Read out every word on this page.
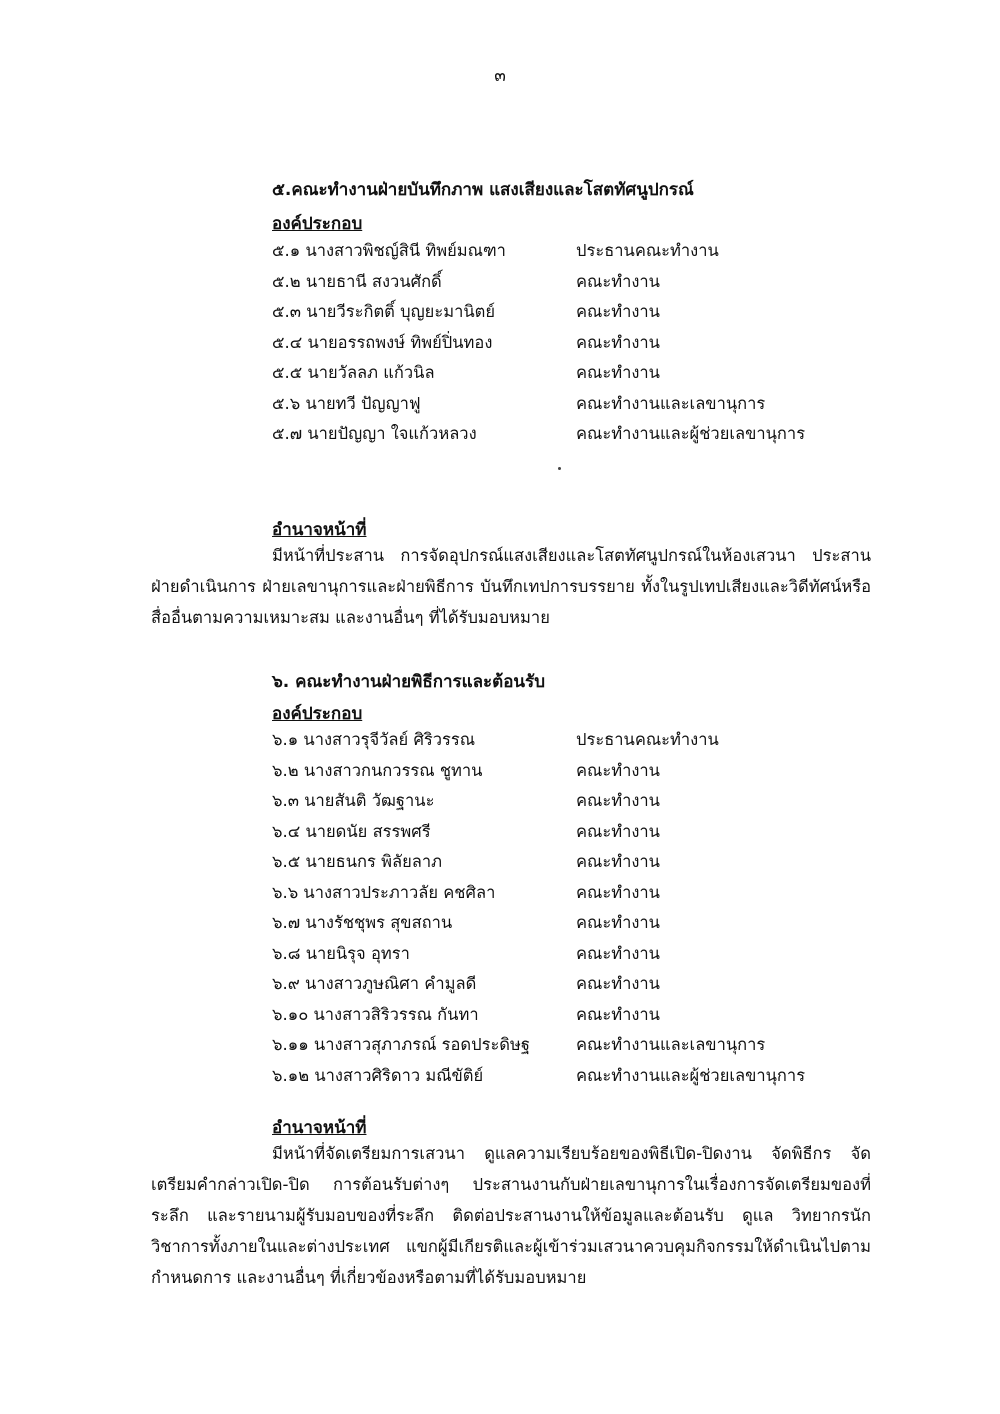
๓
๕.คณะทำงานฝ่ายบันทึกภาพ แสงเสียงและโสตทัศนูปกรณ์
องค์ประกอบ
๕.๑ นางสาวพิชญ์สินี ทิพย์มณฑา	ประธานคณะทำงาน
๕.๒ นายธานี สงวนศักดิ์	คณะทำงาน
๕.๓ นายวีระกิตติ์ บุญยะมานิตย์	คณะทำงาน
๕.๔ นายอรรถพงษ์ ทิพย์ปิ่นทอง	คณะทำงาน
๕.๕ นายวัลลภ แก้วนิล	คณะทำงาน
๕.๖ นายทวี ปัญญาฟู	คณะทำงานและเลขานุการ
๕.๗ นายปัญญา ใจแก้วหลวง	คณะทำงานและผู้ช่วยเลขานุการ
อำนาจหน้าที่
มีหน้าที่ประสาน การจัดอุปกรณ์แสงเสียงและโสตทัศนูปกรณ์ในห้องเสวนา ประสานฝ่ายดำเนินการ ฝ่ายเลขานุการและฝ่ายพิธีการ บันทึกเทปการบรรยาย ทั้งในรูปเทปเสียงและวิดีทัศน์หรือสื่ออื่นตามความเหมาะสม และงานอื่นๆ ที่ได้รับมอบหมาย
๖. คณะทำงานฝ่ายพิธีการและต้อนรับ
องค์ประกอบ
๖.๑ นางสาวรุจีวัลย์ ศิริวรรณ	ประธานคณะทำงาน
๖.๒ นางสาวกนกวรรณ ชูทาน	คณะทำงาน
๖.๓ นายสันติ วัฒฐานะ	คณะทำงาน
๖.๔ นายดนัย สรรพศรี	คณะทำงาน
๖.๕ นายธนกร พิลัยลาภ	คณะทำงาน
๖.๖ นางสาวประภาวลัย คชศิลา	คณะทำงาน
๖.๗ นางรัชชุพร สุขสถาน	คณะทำงาน
๖.๘ นายนิรุจ อุทรา	คณะทำงาน
๖.๙ นางสาวภูษณิศา คำมูลดี	คณะทำงาน
๖.๑๐ นางสาวสิริวรรณ กันทา	คณะทำงาน
๖.๑๑ นางสาวสุภาภรณ์ รอดประดิษฐ	คณะทำงานและเลขานุการ
๖.๑๒ นางสาวศิริดาว มณีขัติย์	คณะทำงานและผู้ช่วยเลขานุการ
อำนาจหน้าที่
มีหน้าที่จัดเตรียมการเสวนา ดูแลความเรียบร้อยของพิธีเปิด-ปิดงาน จัดพิธีกร จัดเตรียมคำกล่าวเปิด-ปิด การต้อนรับต่างๆ ประสานงานกับฝ่ายเลขานุการในเรื่องการจัดเตรียมของที่ระลึก และรายนามผู้รับมอบของที่ระลึก ติดต่อประสานงานให้ข้อมูลและต้อนรับ ดูแล วิทยากรนักวิชาการทั้งภายในและต่างประเทศ แขกผู้มีเกียรติและผู้เข้าร่วมเสวนาควบคุมกิจกรรมให้ดำเนินไปตามกำหนดการ และงานอื่นๆ ที่เกี่ยวข้องหรือตามที่ได้รับมอบหมาย
